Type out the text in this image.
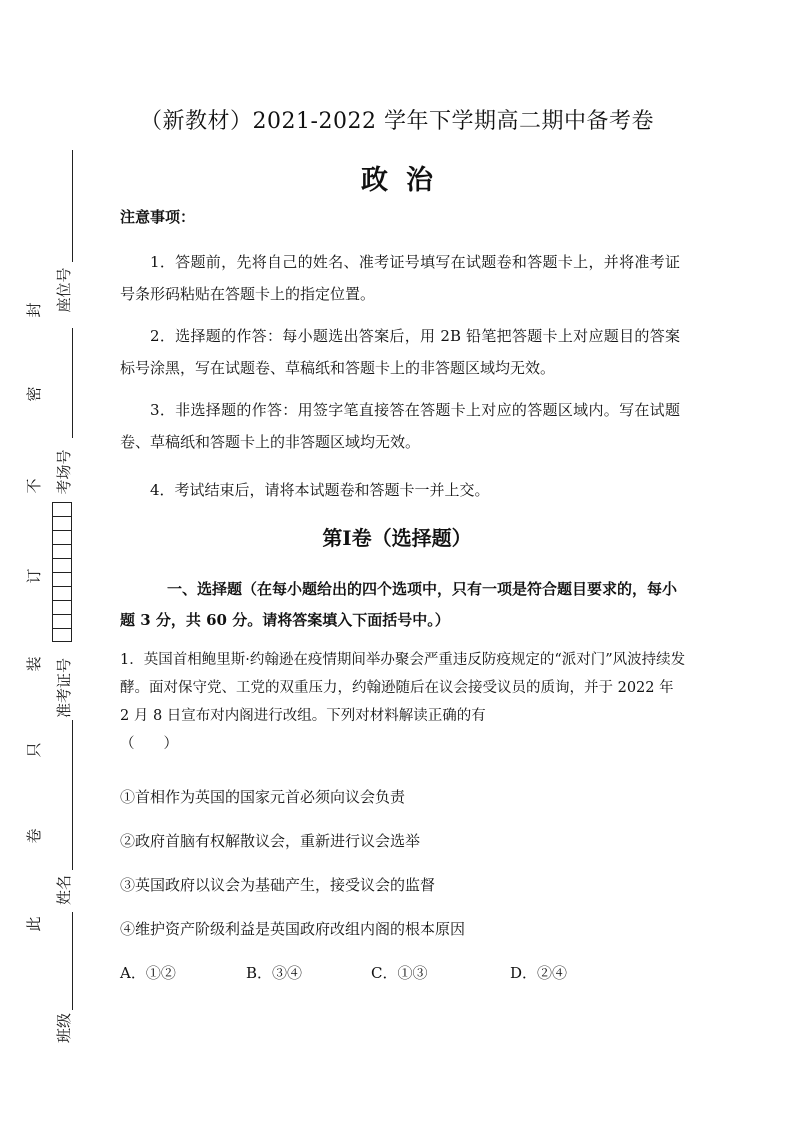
座位号
考场号
准考证号
姓名
班级
封
密
不
订
装
只
卷
此
（新教材）2021-2022 学年下学期高二期中备考卷
政治
注意事项：
1．答题前，先将自己的姓名、准考证号填写在试题卷和答题卡上，并将准考证号条形码粘贴在答题卡上的指定位置。
2．选择题的作答：每小题选出答案后，用 2B 铅笔把答题卡上对应题目的答案标号涂黑，写在试题卷、草稿纸和答题卡上的非答题区域均无效。
3．非选择题的作答：用签字笔直接答在答题卡上对应的答题区域内。写在试题卷、草稿纸和答题卡上的非答题区域均无效。
4．考试结束后，请将本试题卷和答题卡一并上交。
第Ⅰ卷（选择题）
一、选择题（在每小题给出的四个选项中，只有一项是符合题目要求的，每小题 3 分，共 60 分。请将答案填入下面括号中。）
1．英国首相鲍里斯·约翰逊在疫情期间举办聚会严重违反防疫规定的“派对门”风波持续发酵。面对保守党、工党的双重压力，约翰逊随后在议会接受议员的质询，并于 2022 年 2 月 8 日宣布对内阁进行改组。下列对材料解读正确的有
（　　）
①首相作为英国的国家元首必须向议会负责
②政府首脑有权解散议会，重新进行议会选举
③英国政府以议会为基础产生，接受议会的监督
④维护资产阶级利益是英国政府改组内阁的根本原因
A．①②	B．③④	C．①③	D．②④
